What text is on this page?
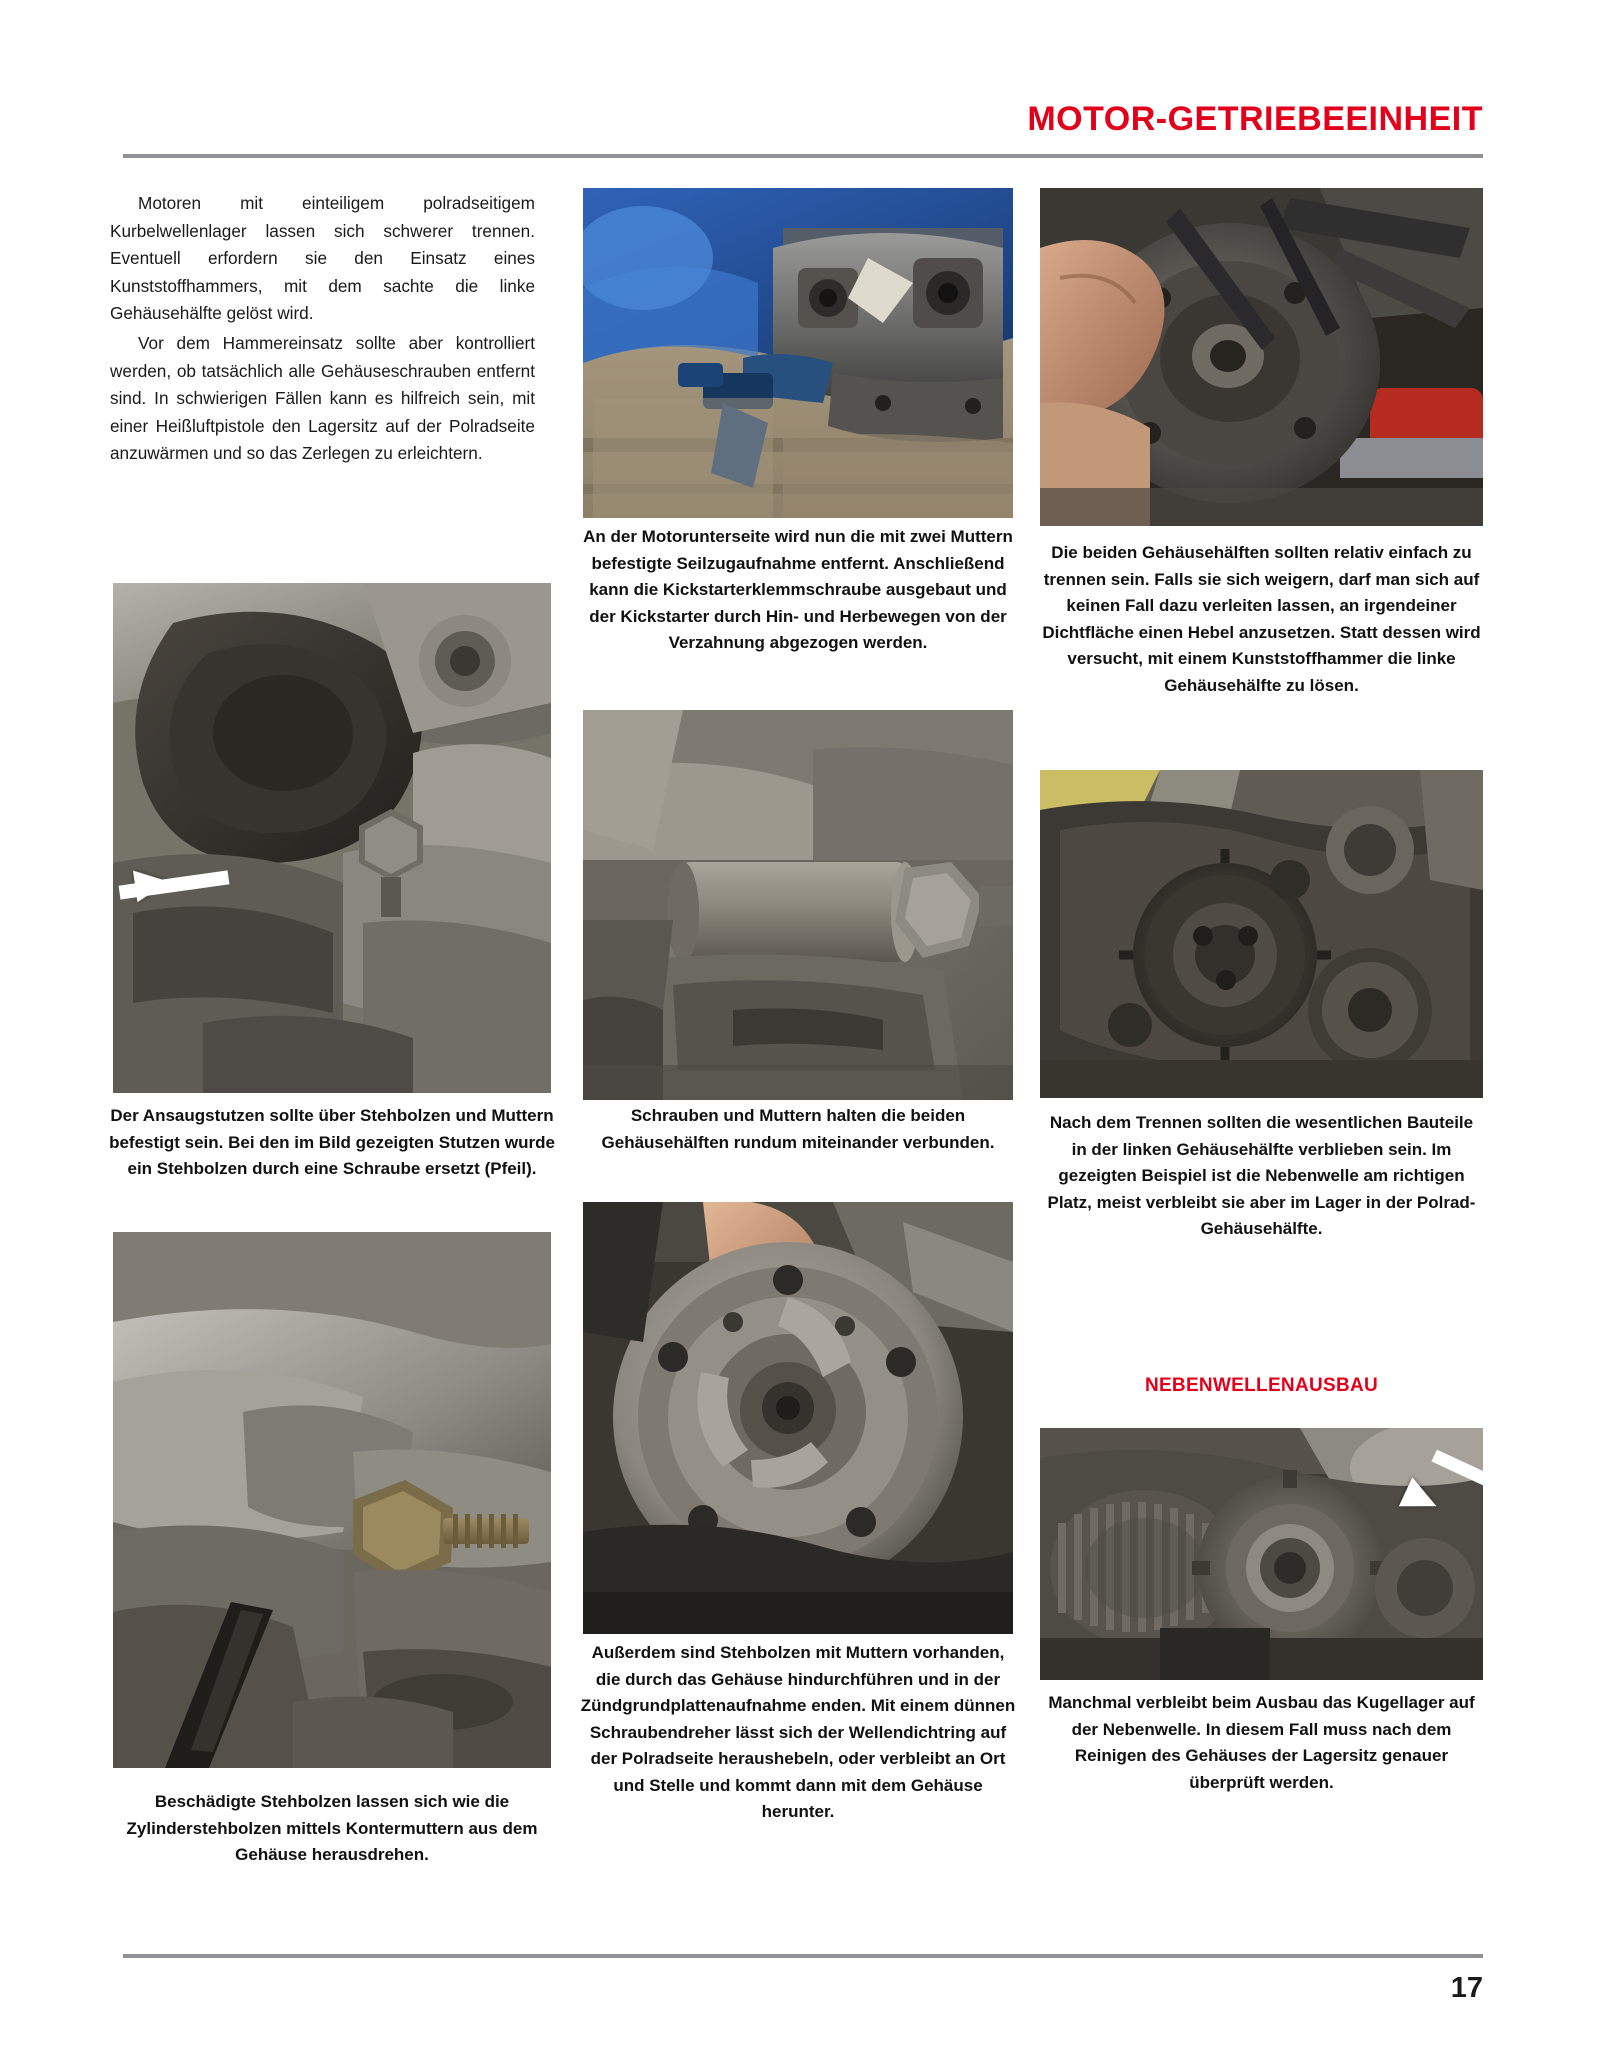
MOTOR-GETRIEBEEINHEIT

Motoren mit einteiligem polradseitigem Kurbelwellenlager lassen sich schwerer trennen. Eventuell erfordern sie den Einsatz eines Kunststoffhammers, mit dem sachte die linke Gehäusehälfte gelöst wird.

Vor dem Hammereinsatz sollte aber kontrolliert werden, ob tatsächlich alle Gehäuseschrauben entfernt sind. In schwierigen Fällen kann es hilfreich sein, mit einer Heißluftpistole den Lagersitz auf der Polradseite anzuwärmen und so das Zerlegen zu erleichtern.

An der Motorunterseite wird nun die mit zwei Muttern befestigte Seilzugaufnahme entfernt. Anschließend kann die Kickstarterklemmschraube ausgebaut und der Kickstarter durch Hin- und Herbewegen von der Verzahnung abgezogen werden.
Die beiden Gehäusehälften sollten relativ einfach zu trennen sein. Falls sie sich weigern, darf man sich auf keinen Fall dazu verleiten lassen, an irgendeiner Dichtfläche einen Hebel anzusetzen. Statt dessen wird versucht, mit einem Kunststoffhammer die linke Gehäusehälfte zu lösen.
Der Ansaugstutzen sollte über Stehbolzen und Muttern befestigt sein. Bei den im Bild gezeigten Stutzen wurde ein Stehbolzen durch eine Schraube ersetzt (Pfeil).
Schrauben und Muttern halten die beiden Gehäusehälften rundum miteinander verbunden.
Nach dem Trennen sollten die wesentlichen Bauteile in der linken Gehäusehälfte verblieben sein. Im gezeigten Beispiel ist die Nebenwelle am richtigen Platz, meist verbleibt sie aber im Lager in der Polrad-Gehäusehälfte.
NEBENWELLENAUSBAU
Beschädigte Stehbolzen lassen sich wie die Zylinderstehbolzen mittels Kontermuttern aus dem Gehäuse herausdrehen.
Außerdem sind Stehbolzen mit Muttern vorhanden, die durch das Gehäuse hindurchführen und in der Zündgrundplattenaufnahme enden. Mit einem dünnen Schraubendreher lässt sich der Wellendichtring auf der Polradseite heraushebeln, oder verbleibt an Ort und Stelle und kommt dann mit dem Gehäuse herunter.
Manchmal verbleibt beim Ausbau das Kugellager auf der Nebenwelle. In diesem Fall muss nach dem Reinigen des Gehäuses der Lagersitz genauer überprüft werden.
17
